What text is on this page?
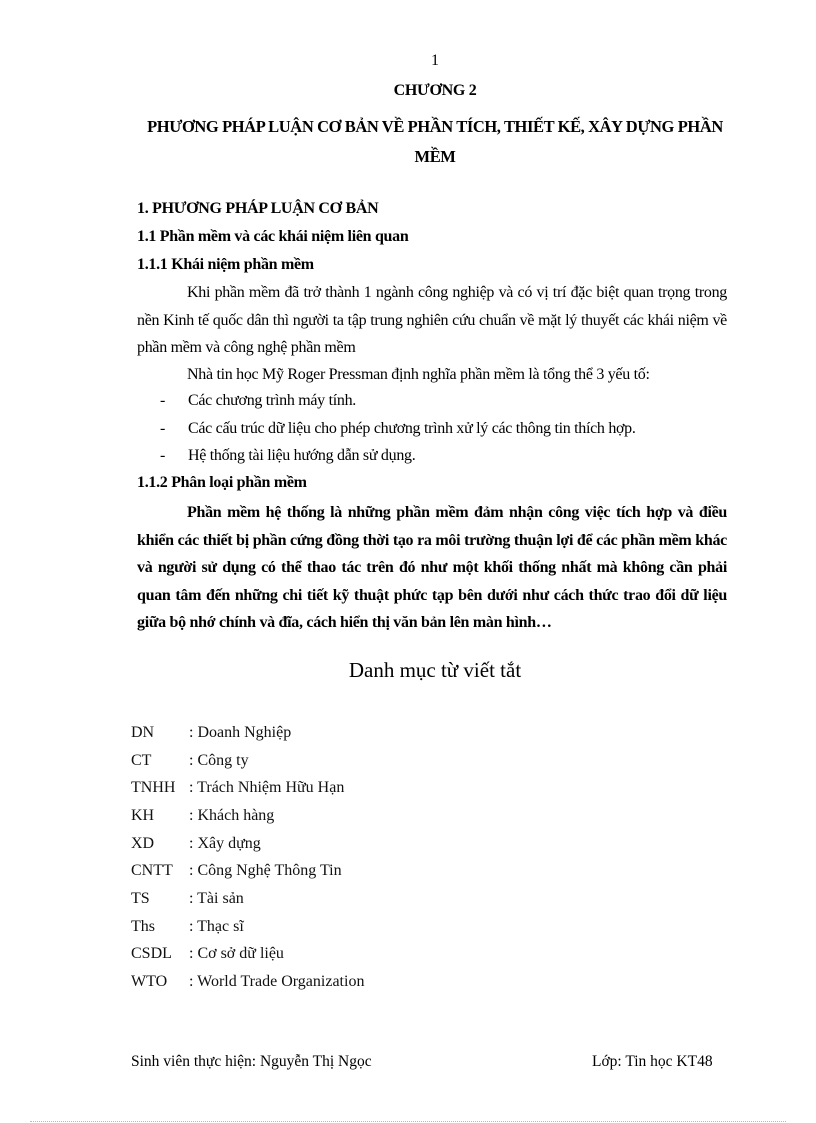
1
CHƯƠNG 2
PHƯƠNG PHÁP LUẬN CƠ BẢN VỀ PHẦN TÍCH, THIẾT KẾ, XÂY DỰNG PHẦN MỀM
1. PHƯƠNG PHÁP LUẬN CƠ BẢN
1.1 Phần mềm và các khái niệm liên quan
1.1.1 Khái niệm phần mềm
Khi phần mềm đã trở thành 1 ngành công nghiệp và có vị trí đặc biệt quan trọng trong nền Kinh tế quốc dân thì người ta tập trung nghiên cứu chuẩn về mặt lý thuyết các khái niệm về phần mềm và công nghệ phần mềm
Nhà tin học Mỹ Roger Pressman định nghĩa phần mềm là tổng thể 3 yếu tố:
- Các chương trình máy tính.
- Các cấu trúc dữ liệu cho phép chương trình xử lý các thông tin thích hợp.
- Hệ thống tài liệu hướng dẫn sử dụng.
1.1.2 Phân loại phần mềm
Phần mềm hệ thống là những phần mềm đảm nhận công việc tích hợp và điều khiển các thiết bị phần cứng đồng thời tạo ra môi trường thuận lợi để các phần mềm khác và người sử dụng có thể thao tác trên đó như một khối thống nhất mà không cần phải quan tâm đến những chi tiết kỹ thuật phức tạp bên dưới như cách thức trao đổi dữ liệu giữa bộ nhớ chính và đĩa, cách hiển thị văn bản lên màn hình…
Danh mục từ viết tắt
DN : Doanh Nghiệp
CT : Công ty
TNHH : Trách Nhiệm Hữu Hạn
KH : Khách hàng
XD : Xây dựng
CNTT : Công Nghệ Thông Tin
TS : Tài sản
Ths : Thạc sĩ
CSDL : Cơ sở dữ liệu
WTO : World Trade Organization
Sinh viên thực hiện: Nguyễn Thị Ngọc	Lớp: Tin học KT48
